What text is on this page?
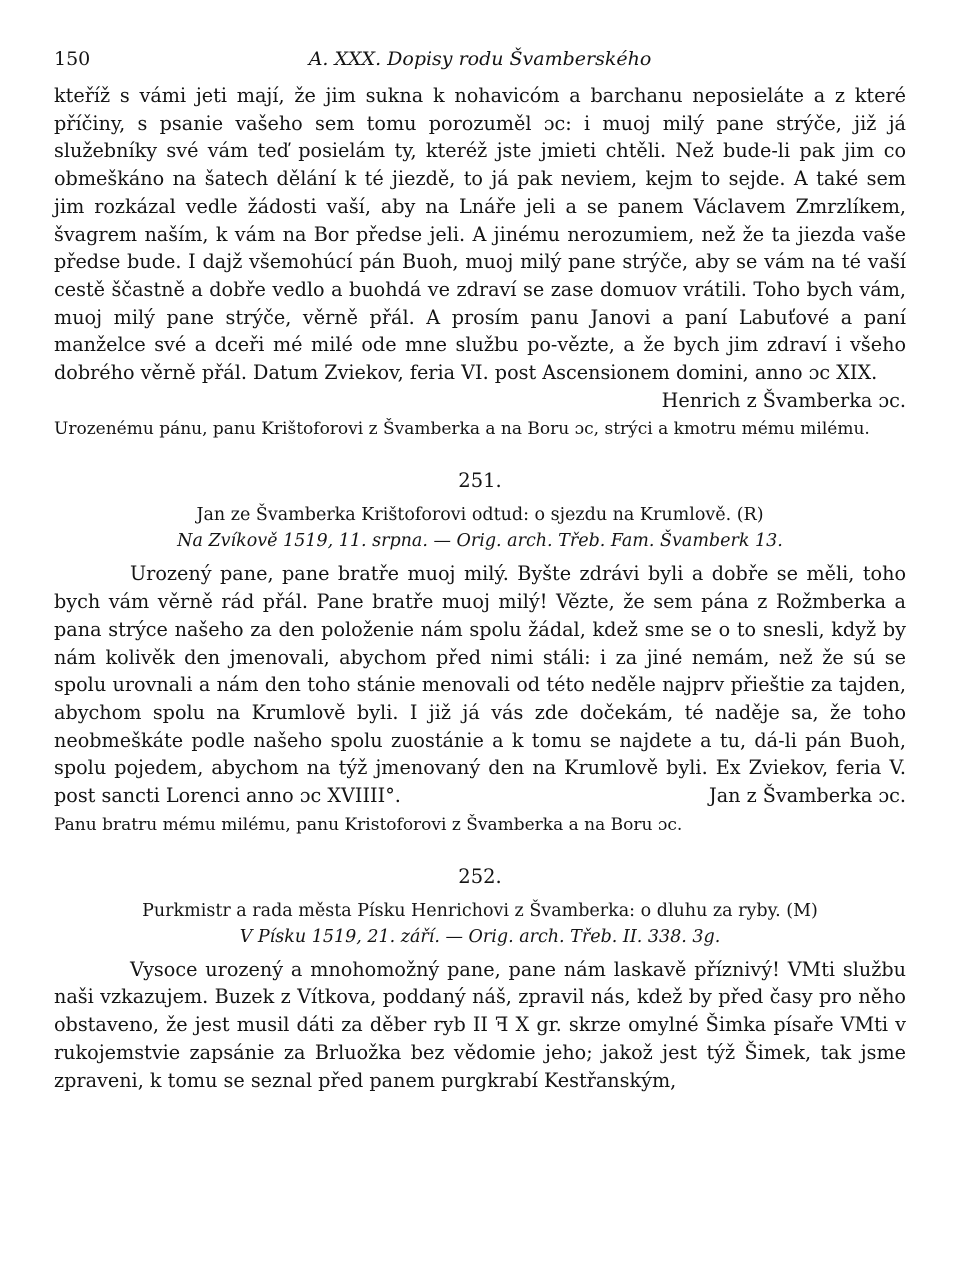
150	A. XXX. Dopisy rodu Švamberského

kteříž s vámi jeti mají, že jim sukna k nohavicóm a barchanu neposieláte a z které příčiny, s psanie vašeho sem tomu porozuměl ɔc: i muoj milý pane strýče, již já služebníky své vám teď posielám ty, kteréž jste jmieti chtěli. Než bude-li pak jim co obmeškáno na šatech dělání k té jiezdě, to já pak neviem, kejm to sejde. A také sem jim rozkázal vedle žádosti vaší, aby na Lnáře jeli a se panem Václavem Zmrzlíkem, švagrem naším, k vám na Bor předse jeli. A jinému nerozumiem, než že ta jiezda vaše předse bude. I dajž všemohúcí pán Buoh, muoj milý pane strýče, aby se vám na té vaší cestě ščastně a dobře vedlo a buohdá ve zdraví se zase domuov vrátili. Toho bych vám, muoj milý pane strýče, věrně přál. A prosím panu Janovi a paní Labuťové a paní manželce své a dceři mé milé ode mne službu po-vězte, a že bych jim zdraví i všeho dobrého věrně přál. Datum Zviekov, feria VI. post Ascensionem domini, anno ɔc XIX.
Henrich z Švamberka ɔc.

Urozenému pánu, panu Krištoforovi z Švamberka a na Boru ɔc, strýci a kmotru mému milému.

251.
Jan ze Švamberka Krištoforovi odtud: o sjezdu na Krumlově. (R)
Na Zvíkově 1519, 11. srpna. — Orig. arch. Třeb. Fam. Švamberk 13.

Urozený pane, pane bratře muoj milý. Byšte zdrávi byli a dobře se měli, toho bych vám věrně rád přál. Pane bratře muoj milý! Vězte, že sem pána z Rožmberka a pana strýce našeho za den položenie nám spolu žádal, kdež sme se o to snesli, když by nám kolivěk den jmenovali, abychom před nimi stáli: i za jiné nemám, než že sú se spolu urovnali a nám den toho stánie menovali od této neděle najprv přieštie za tajden, abychom spolu na Krumlově byli. I již já vás zde dočekám, té naděje sa, že toho neobmeškáte podle našeho spolu zuostánie a k tomu se najdete a tu, dá-li pán Buoh, spolu pojedem, abychom na týž jmenovaný den na Krumlově byli. Ex Zviekov, feria V. post sancti Lorenci anno ɔc XVIIII°.	Jan z Švamberka ɔc.

Panu bratru mému milému, panu Kristoforovi z Švamberka a na Boru ɔc.

252.
Purkmistr a rada města Písku Henrichovi z Švamberka: o dluhu za ryby. (M)
V Písku 1519, 21. září. — Orig. arch. Třeb. II. 338. 3g.

Vysoce urozený a mnohomožný pane, pane nám laskavě příznivý! VMti službu naši vzkazujem. Buzek z Vítkova, poddaný náš, zpravil nás, kdež by před časy pro něho obstaveno, že jest musil dáti za děber ryb II ꟻ X gr. skrze omylné Šimka písaře VMti v rukojemstvie zapsánie za Brluožka bez vědomie jeho; jakož jest týž Šimek, tak jsme zpraveni, k tomu se seznal před panem purgkrabí Kestřanským,
